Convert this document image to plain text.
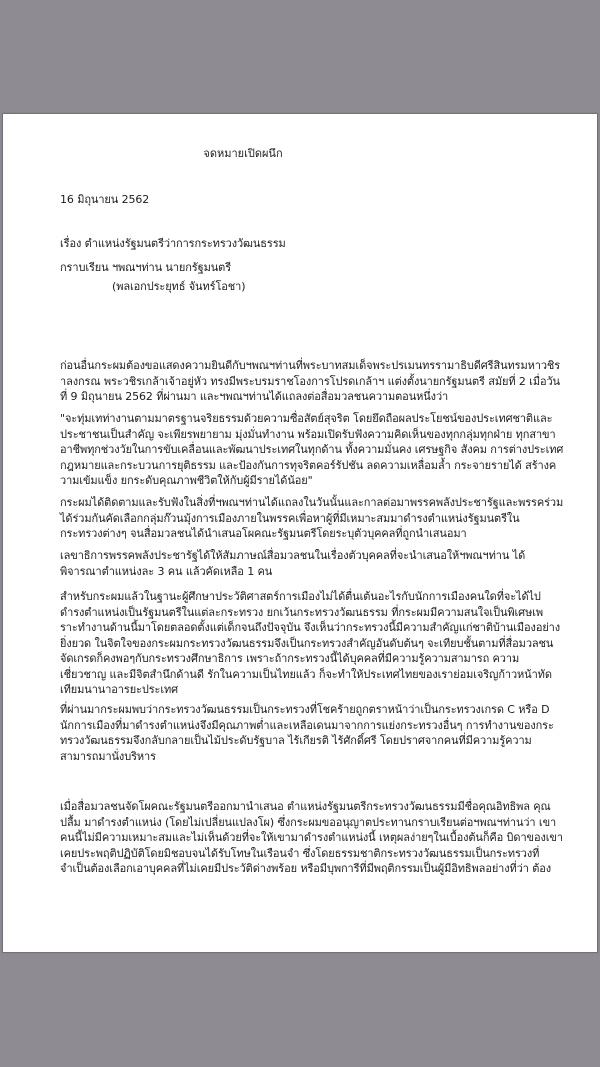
จดหมายเปิดผนึก
16 มิถุนายน 2562
เรื่อง ตำแหน่งรัฐมนตรีว่าการกระทรวงวัฒนธรรม
กราบเรียน ฯพณฯท่าน นายกรัฐมนตรี
(พลเอกประยุทธ์ จันทร์โอชา)
ก่อนอื่นกระผมต้องขอแสดงความยินดีกับฯพณฯท่านที่พระบาทสมเด็จพระปรเมนทรรามาธิบดีศรีสินทรมหาวชิร
าลงกรณ พระวชิรเกล้าเจ้าอยู่หัว ทรงมีพระบรมราชโองการโปรดเกล้าฯ แต่งตั้งนายกรัฐมนตรี สมัยที่ 2 เมื่อวัน
ที่ 9 มิถุนายน 2562 ที่ผ่านมา และฯพณฯท่านได้แถลงต่อสื่อมวลชนความตอนหนึ่งว่า
"จะทุ่มเทท่างานตามมาตรฐานจริยธรรมด้วยความซื่อสัตย์สุจริต โดยยึดถือผลประโยชน์ของประเทศชาติและ
ประชาชนเป็นสำคัญ จะเพียรพยายาม มุ่งมั่นทำงาน พร้อมเปิดรับฟังความคิดเห็นของทุกกลุ่มทุกฝ่าย ทุกสาขา
อาชีพทุกช่วงวัยในการขับเคลื่อนและพัฒนาประเทศในทุกด้าน ทั้งความมั่นคง เศรษฐกิจ สังคม การต่างประเทศ
กฎหมายและกระบวนการยุติธรรม และป้องกันการทุจริตคอร์รัปชัน ลดความเหลื่อมล้ำ กระจายรายได้ สร้างค
วามเข้มแข็ง ยกระดับคุณภาพชีวิตให้กับผู้มีรายได้น้อย"
กระผมได้ติดตามและรับฟังในสิ่งที่ฯพณฯท่านได้แถลงในวันนั้นและกาลต่อมาพรรคพลังประชารัฐและพรรคร่วม
ได้ร่วมกันคัดเลือกกลุ่มก๊วนมุ้งการเมืองภายในพรรคเพื่อหาผู้ที่มีเหมาะสมมาดำรงตำแหน่งรัฐมนตรีใน
กระทรวงต่างๆ จนสื่อมวลชนได้นำเสนอโผคณะรัฐมนตรีโดยระบุตัวบุคคลที่ถูกนำเสนอมา
เลขาธิการพรรคพลังประชารัฐได้ให้สัมภาษณ์สื่อมวลชนในเรื่องตัวบุคคลที่จะนำเสนอให้ฯพณฯท่าน ได้
พิจารณาตำแหน่งละ 3 คน แล้วคัดเหลือ 1 คน
สำหรับกระผมแล้วในฐานะผู้ศึกษาประวัติศาสตร์การเมืองไม่ได้ตื่นเต้นอะไรกับนักการเมืองคนใดที่จะได้ไป
ดำรงตำแหน่งเป็นรัฐมนตรีในแต่ละกระทรวง ยกเว้นกระทรวงวัฒนธรรม ที่กระผมมีความสนใจเป็นพิเศษเพ
ราะทำงานด้านนี้มาโดยตลอดตั้งแต่เด็กจนถึงปัจจุบัน จึงเห็นว่ากระทรวงนี้มีความสำคัญแก่ชาติบ้านเมืองอย่าง
ยิ่งยวด ในจิตใจของกระผมกระทรวงวัฒนธรรมจึงเป็นกระทรวงสำคัญอันดับต้นๆ จะเทียบชั้นตามที่สื่อมวลชน
จัดเกรดก็คงพอๆกับกระทรวงศึกษาธิการ เพราะถ้ากระทรวงนี้ได้บุคคลที่มีความรู้ความสามารถ ความ
เชี่ยวชาญ และมีจิตสำนึกด้านดี รักในความเป็นไทยแล้ว ก็จะทำให้ประเทศไทยของเราย่อมเจริญก้าวหน้าทัด
เทียมนานาอารยะประเทศ
ที่ผ่านมากระผมพบว่ากระทรวงวัฒนธรรมเป็นกระทรวงที่โชคร้ายถูกตราหน้าว่าเป็นกระทรวงเกรด C หรือ D
นักการเมืองที่มาดำรงตำแหน่งจึงมีคุณภาพต่ำและเหลือเดนมาจากการแย่งกระทรวงอื่นๆ การทำงานของกระ
ทรวงวัฒนธรรมจึงกลับกลายเป็นไม้ประดับรัฐบาล ไร้เกียรติ ไร้ศักดิ์ศรี โดยปราศจากคนที่มีความรู้ความ
สามารถมานั่งบริหาร
เมื่อสื่อมวลชนจัดโผคณะรัฐมนตรีออกมานำเสนอ ตำแหน่งรัฐมนตรีกระทรวงวัฒนธรรมมีชื่อคุณอิทธิพล คุณ
ปลื้ม มาดำรงตำแหน่ง (โดยไม่เปลี่ยนแปลงโผ) ซึ่งกระผมขออนุญาตประทานกราบเรียนต่อฯพณฯท่านว่า เขา
คนนี้ไม่มีความเหมาะสมและไม่เห็นด้วยที่จะให้เขามาดำรงตำแหน่งนี้ เหตุผลง่ายๆในเบื้องต้นก็คือ บิดาของเขา
เคยประพฤติปฏิบัติโดยมิชอบจนได้รับโทษในเรือนจำ ซึ่งโดยธรรมชาติกระทรวงวัฒนธรรมเป็นกระทรวงที่
จำเป็นต้องเลือกเอาบุคคลที่ไม่เคยมีประวัติด่างพร้อย หรือมีบุพการีที่มีพฤติกรรมเป็นผู้มีอิทธิพลอย่างที่ว่า ต้อง
